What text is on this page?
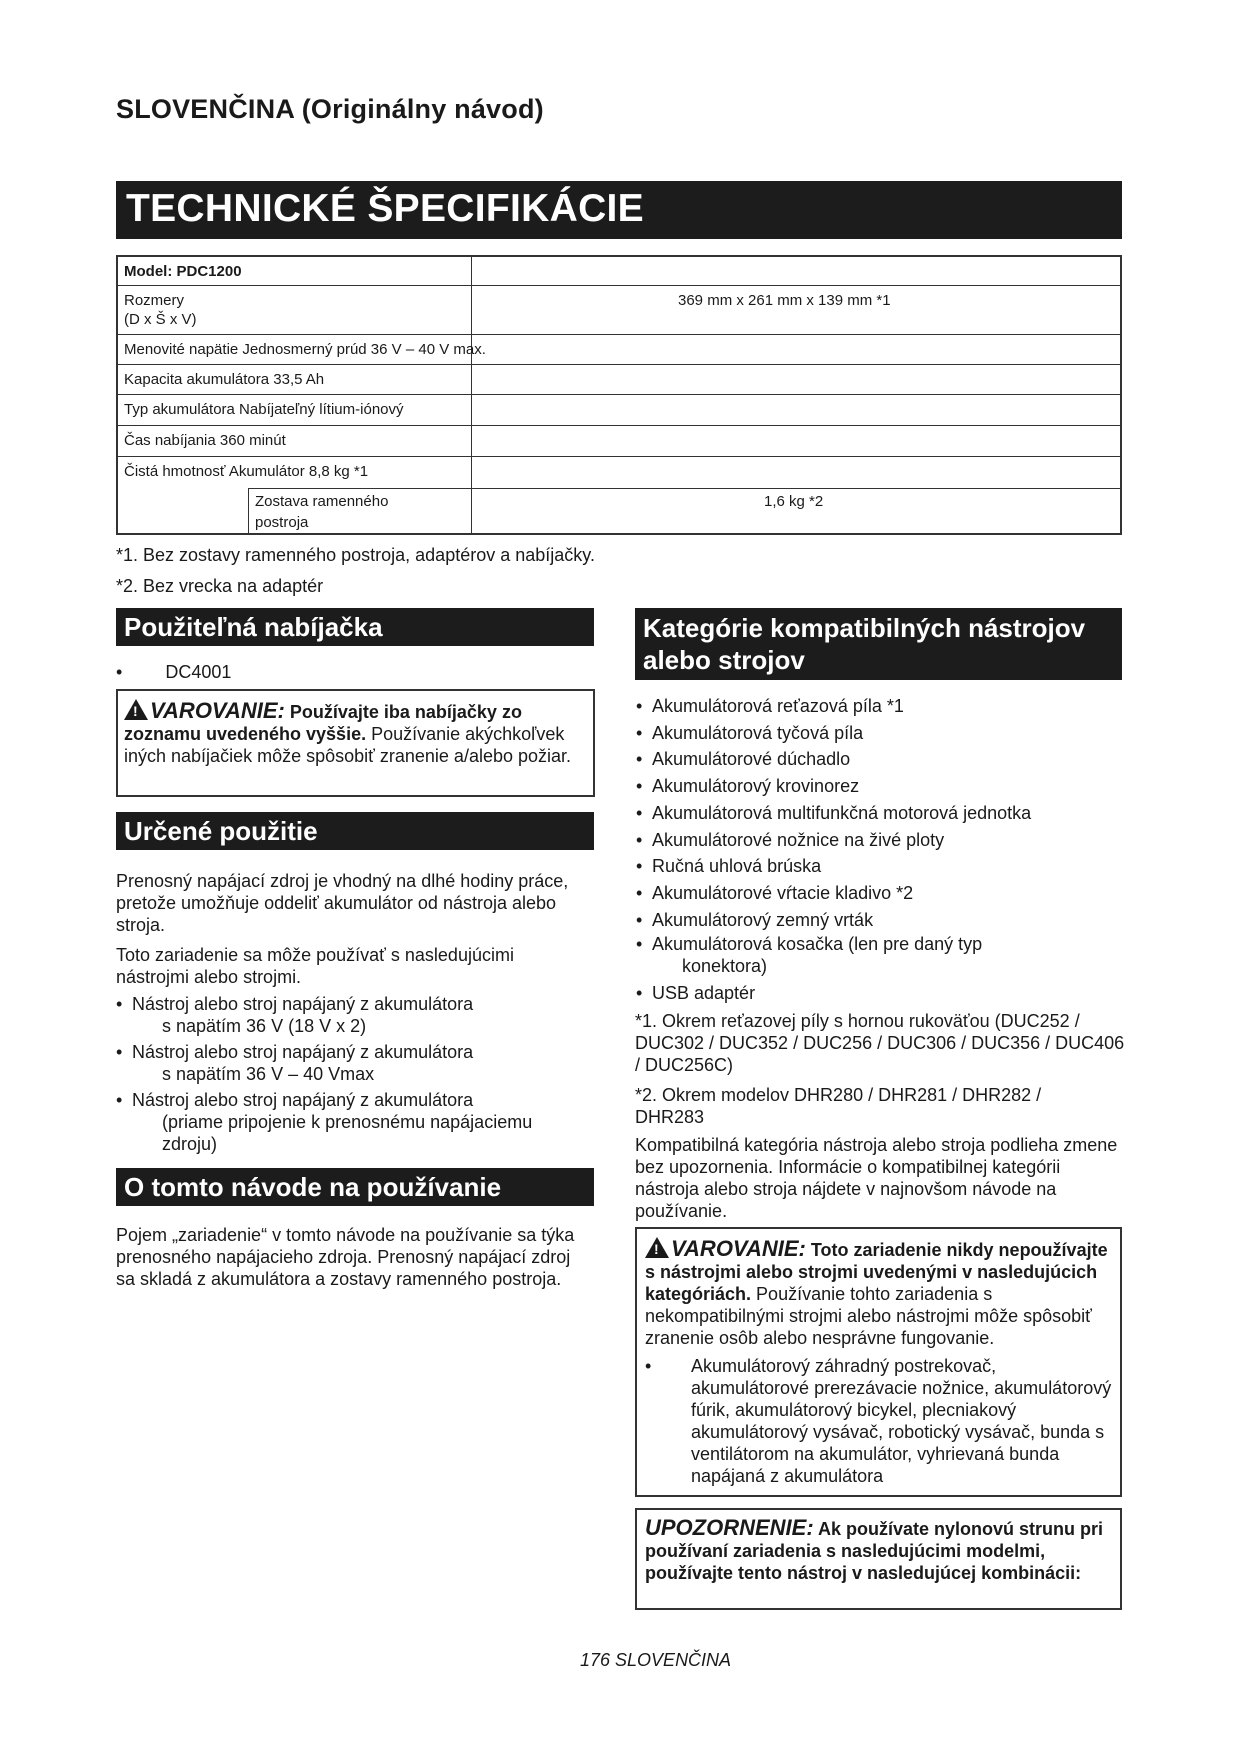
SLOVENČINA (Originálny návod)
TECHNICKÉ ŠPECIFIKÁCIE
Model: PDC1200
Rozmery
(D x Š x V)
369 mm x 261 mm x 139 mm *1
Menovité napätie Jednosmerný prúd 36 V – 40 V max.
Kapacita akumulátora 33,5 Ah
Typ akumulátora Nabíjateľný lítium-iónový
Čas nabíjania 360 minút
Čistá hmotnosť Akumulátor 8,8 kg *1
Zostava ramenného
postroja
1,6 kg *2
*1. Bez zostavy ramenného postroja, adaptérov a nabíjačky.
*2. Bez vrecka na adaptér
Použiteľná nabíjačka
• DC4001
!VAROVANIE: Používajte iba nabíjačky zo zoznamu uvedeného vyššie. Používanie akýchkoľvek iných nabíjačiek môže spôsobiť zranenie a/alebo požiar.
Určené použitie
Prenosný napájací zdroj je vhodný na dlhé hodiny práce, pretože umožňuje oddeliť akumulátor od nástroja alebo stroja.
Toto zariadenie sa môže používať s nasledujúcimi nástrojmi alebo strojmi.
• Nástroj alebo stroj napájaný z akumulátora
s napätím 36 V (18 V x 2)
• Nástroj alebo stroj napájaný z akumulátora
s napätím 36 V – 40 Vmax
• Nástroj alebo stroj napájaný z akumulátora
(priame pripojenie k prenosnému napájaciemu
zdroju)
O tomto návode na používanie
Pojem „zariadenie“ v tomto návode na používanie sa týka prenosného napájacieho zdroja. Prenosný napájací zdroj sa skladá z akumulátora a zostavy ramenného postroja.
Kategórie kompatibilných nástrojov
alebo strojov
• Akumulátorová reťazová píla *1
• Akumulátorová tyčová píla
• Akumulátorové dúchadlo
• Akumulátorový krovinorez
• Akumulátorová multifunkčná motorová jednotka
• Akumulátorové nožnice na živé ploty
• Ručná uhlová brúska
• Akumulátorové vŕtacie kladivo *2
• Akumulátorový zemný vrták
• Akumulátorová kosačka (len pre daný typ
konektora)
• USB adaptér
*1. Okrem reťazovej píly s hornou rukoväťou (DUC252 / DUC302 / DUC352 / DUC256 / DUC306 / DUC356 / DUC406 / DUC256C)
*2. Okrem modelov DHR280 / DHR281 / DHR282 / DHR283
Kompatibilná kategória nástroja alebo stroja podlieha zmene bez upozornenia. Informácie o kompatibilnej kategórii nástroja alebo stroja nájdete v najnovšom návode na používanie.
!VAROVANIE: Toto zariadenie nikdy nepoužívajte s nástrojmi alebo strojmi uvedenými v nasledujúcich kategóriách. Používanie tohto zariadenia s nekompatibilnými strojmi alebo nástrojmi môže spôsobiť zranenie osôb alebo nesprávne fungovanie.
• Akumulátorový záhradný postrekovač, akumulátorové prerezávacie nožnice, akumulátorový fúrik, akumulátorový bicykel, plecniakový akumulátorový vysávač, robotický vysávač, bunda s ventilátorom na akumulátor, vyhrievaná bunda napájaná z akumulátora
UPOZORNENIE: Ak používate nylonovú strunu pri používaní zariadenia s nasledujúcimi modelmi, používajte tento nástroj v nasledujúcej kombinácii:
176 SLOVENČINA
